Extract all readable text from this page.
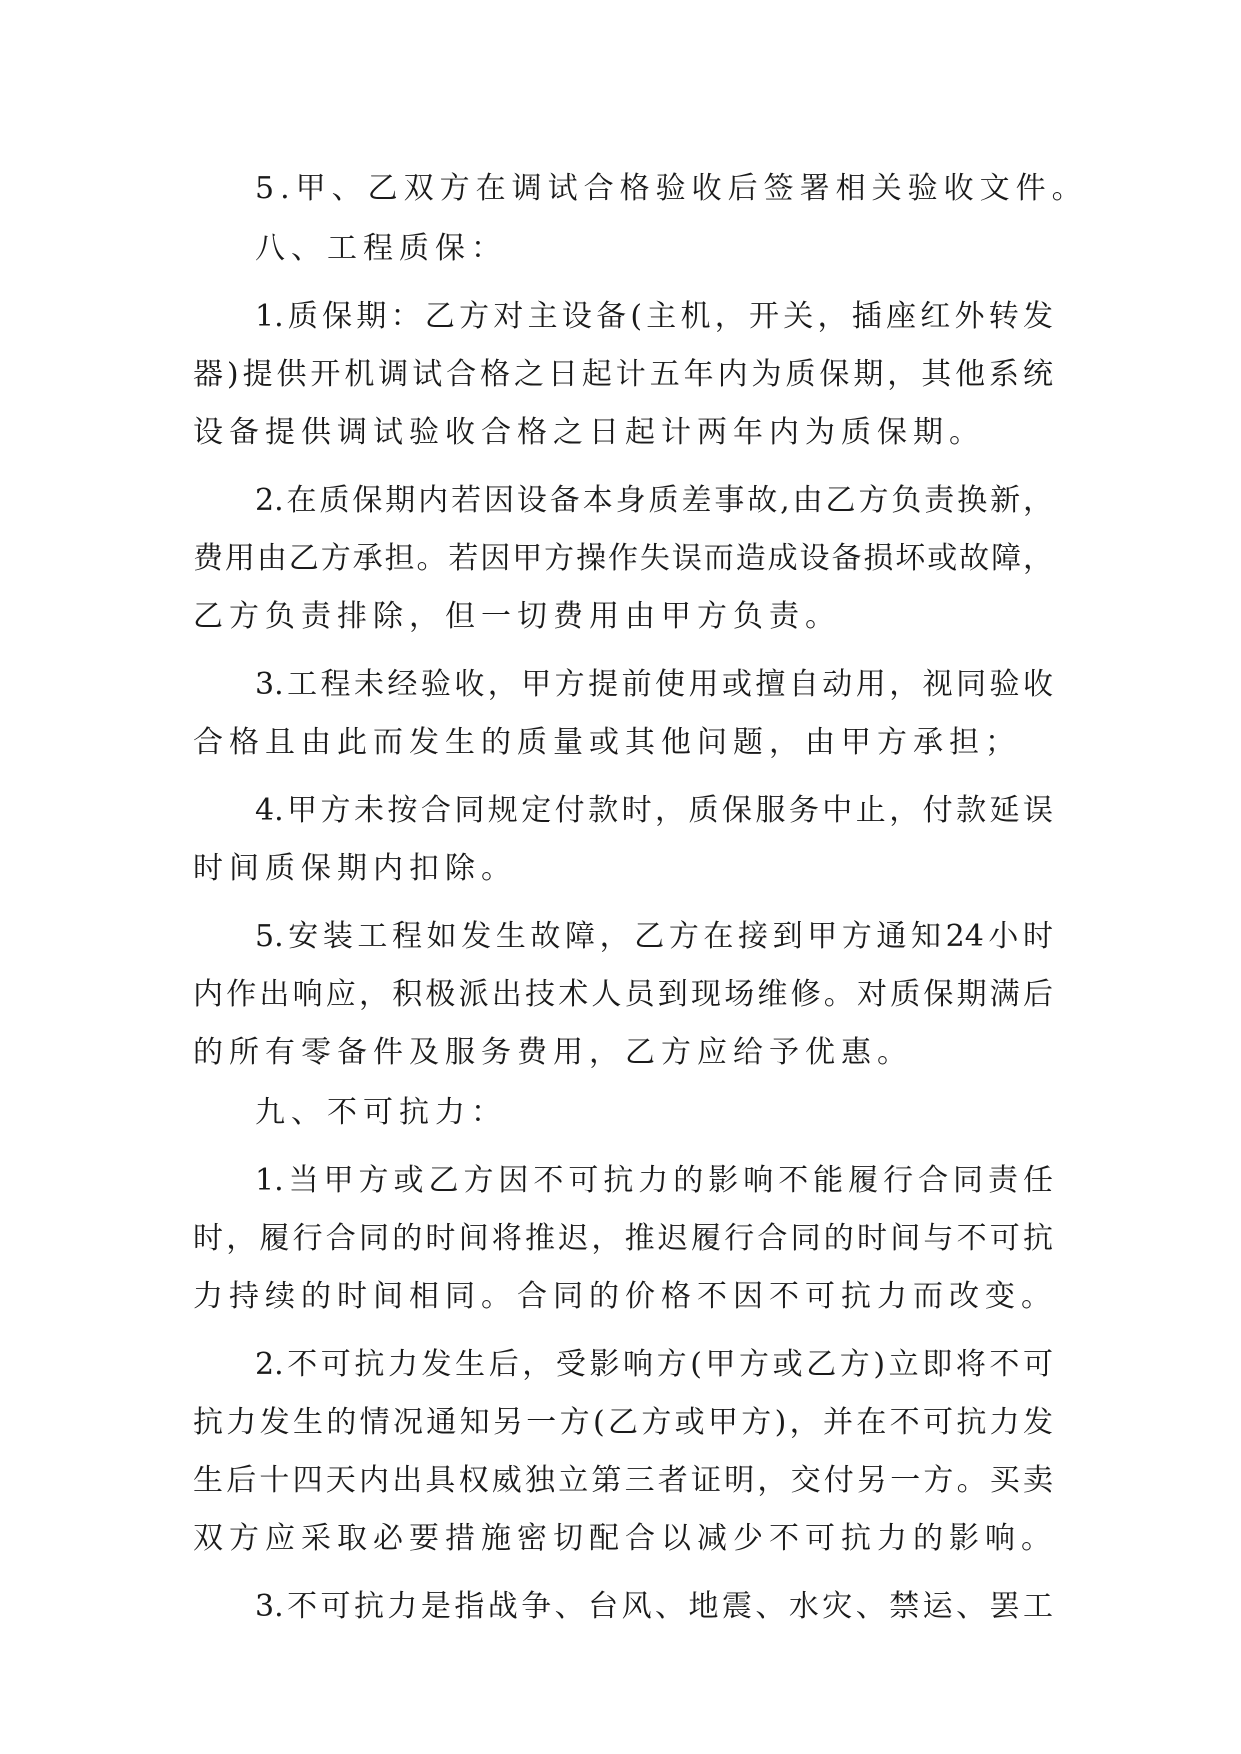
5.甲、乙双方在调试合格验收后签署相关验收文件。
八、工程质保：
1.质保期：乙方对主设备(主机，开关，插座红外转发
器)提供开机调试合格之日起计五年内为质保期，其他系统
设备提供调试验收合格之日起计两年内为质保期。
2.在质保期内若因设备本身质差事故,由乙方负责换新，
费用由乙方承担。若因甲方操作失误而造成设备损坏或故障，
乙方负责排除，但一切费用由甲方负责。
3.工程未经验收，甲方提前使用或擅自动用，视同验收
合格且由此而发生的质量或其他问题，由甲方承担；
4.甲方未按合同规定付款时，质保服务中止，付款延误
时间质保期内扣除。
5.安装工程如发生故障，乙方在接到甲方通知24小时
内作出响应，积极派出技术人员到现场维修。对质保期满后
的所有零备件及服务费用，乙方应给予优惠。
九、不可抗力：
1.当甲方或乙方因不可抗力的影响不能履行合同责任
时，履行合同的时间将推迟，推迟履行合同的时间与不可抗
力持续的时间相同。合同的价格不因不可抗力而改变。
2.不可抗力发生后，受影响方(甲方或乙方)立即将不可
抗力发生的情况通知另一方(乙方或甲方)，并在不可抗力发
生后十四天内出具权威独立第三者证明，交付另一方。买卖
双方应采取必要措施密切配合以减少不可抗力的影响。
3.不可抗力是指战争、台风、地震、水灾、禁运、罢工
